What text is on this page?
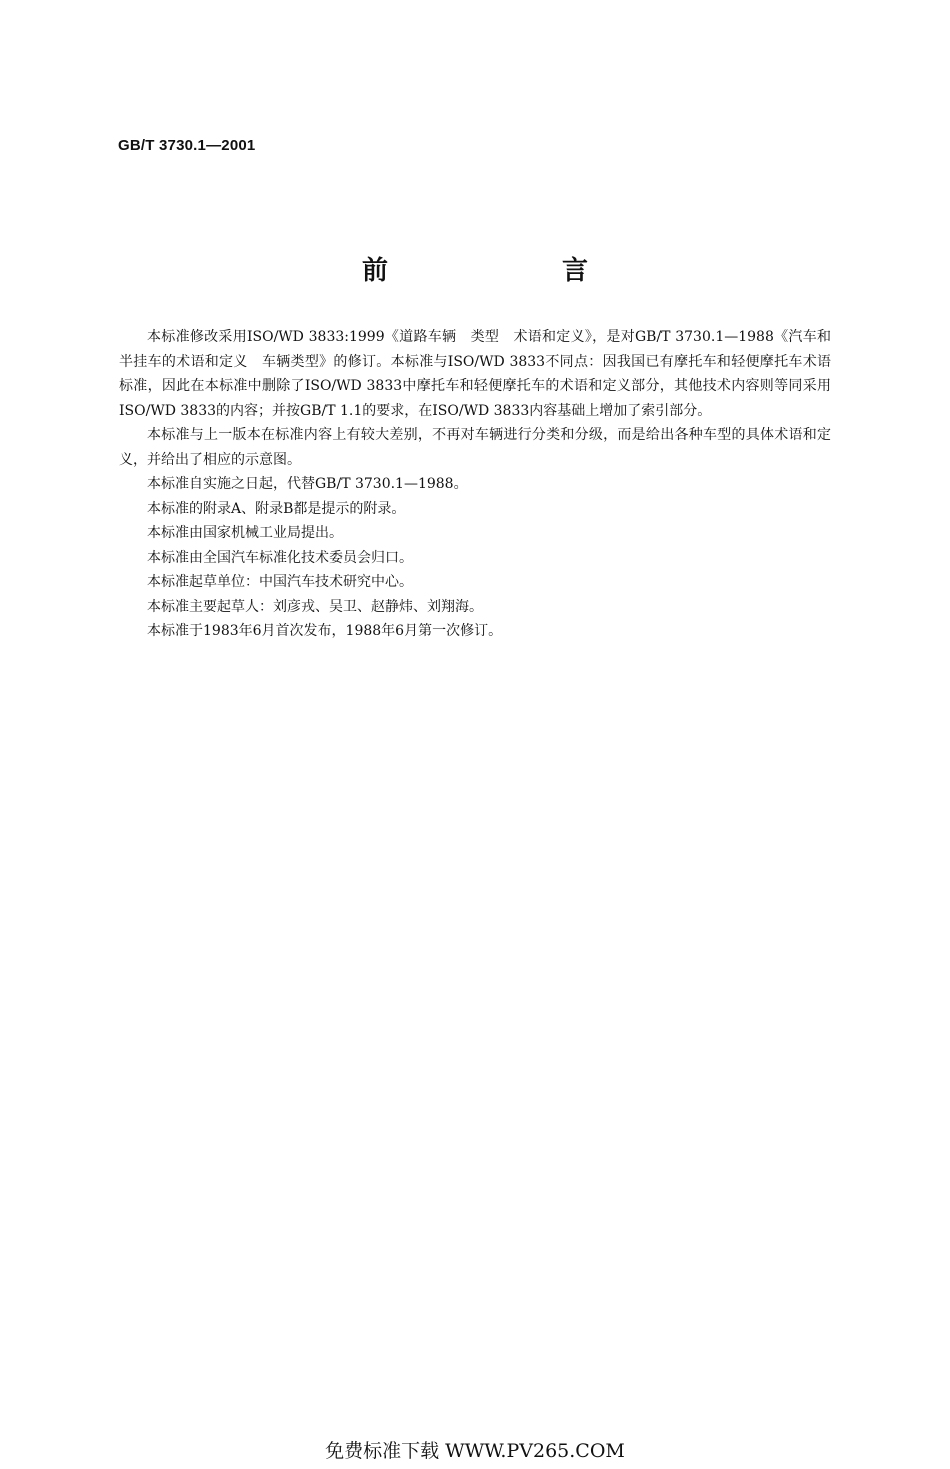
GB/T 3730.1—2001
前　言

本标准修改采用ISO/WD 3833:1999《道路车辆　类型　术语和定义》，是对GB/T 3730.1—1988《汽车和半挂车的术语和定义　车辆类型》的修订。本标准与ISO/WD 3833不同点：因我国已有摩托车和轻便摩托车术语标准，因此在本标准中删除了ISO/WD 3833中摩托车和轻便摩托车的术语和定义部分，其他技术内容则等同采用ISO/WD 3833的内容；并按GB/T 1.1的要求，在ISO/WD 3833内容基础上增加了索引部分。

本标准与上一版本在标准内容上有较大差别，不再对车辆进行分类和分级，而是给出各种车型的具体术语和定义，并给出了相应的示意图。

本标准自实施之日起，代替GB/T 3730.1—1988。

本标准的附录A、附录B都是提示的附录。

本标准由国家机械工业局提出。

本标准由全国汽车标准化技术委员会归口。

本标准起草单位：中国汽车技术研究中心。

本标准主要起草人：刘彦戎、吴卫、赵静炜、刘翔海。

本标准于1983年6月首次发布，1988年6月第一次修订。

免费标准下载 WWW.PV265.COM
